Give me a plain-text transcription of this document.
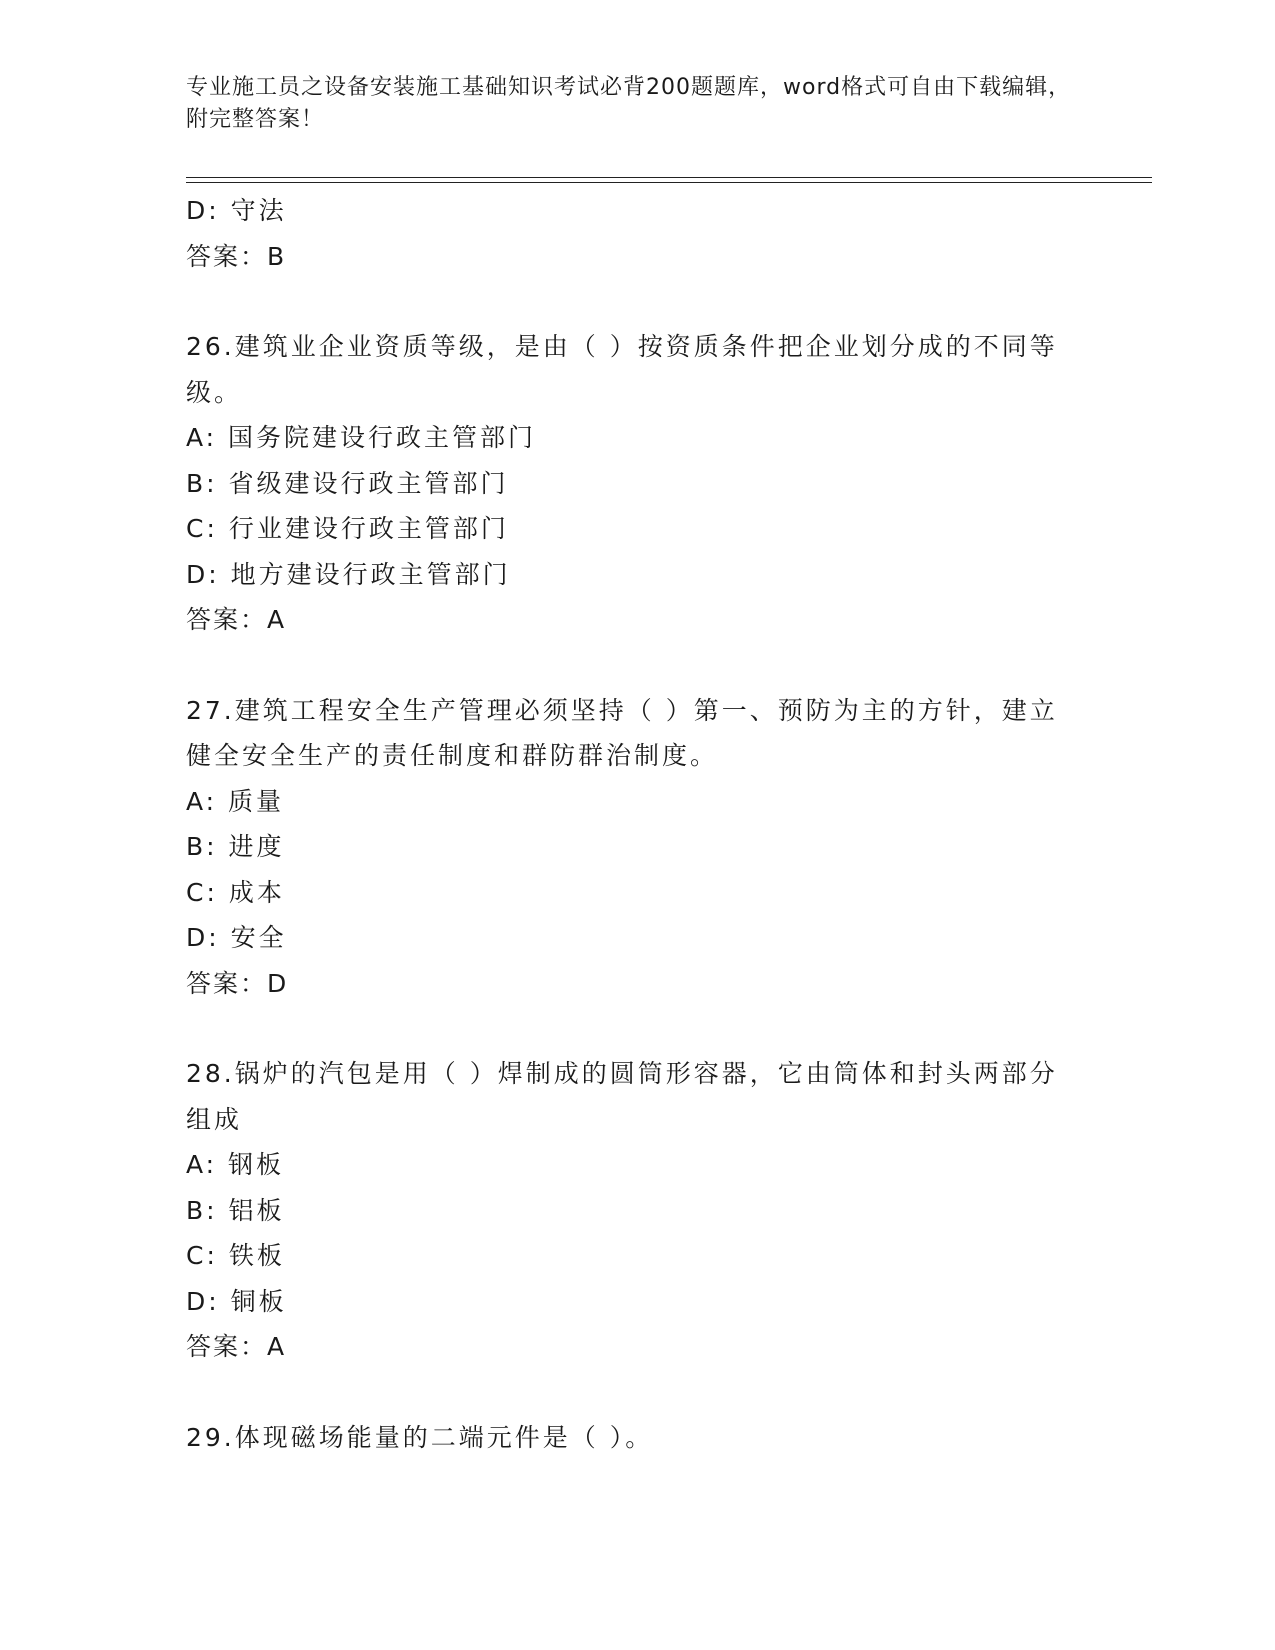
专业施工员之设备安装施工基础知识考试必背200题题库，word格式可自由下载编辑，附完整答案！
D: 守法
答案：B
26.建筑业企业资质等级，是由（ ）按资质条件把企业划分成的不同等级。
A: 国务院建设行政主管部门
B: 省级建设行政主管部门
C: 行业建设行政主管部门
D: 地方建设行政主管部门
答案：A
27.建筑工程安全生产管理必须坚持（ ）第一、预防为主的方针，建立健全安全生产的责任制度和群防群治制度。
A: 质量
B: 进度
C: 成本
D: 安全
答案：D
28.锅炉的汽包是用（ ）焊制成的圆筒形容器，它由筒体和封头两部分组成
A: 钢板
B: 铝板
C: 铁板
D: 铜板
答案：A
29.体现磁场能量的二端元件是（ ）。
